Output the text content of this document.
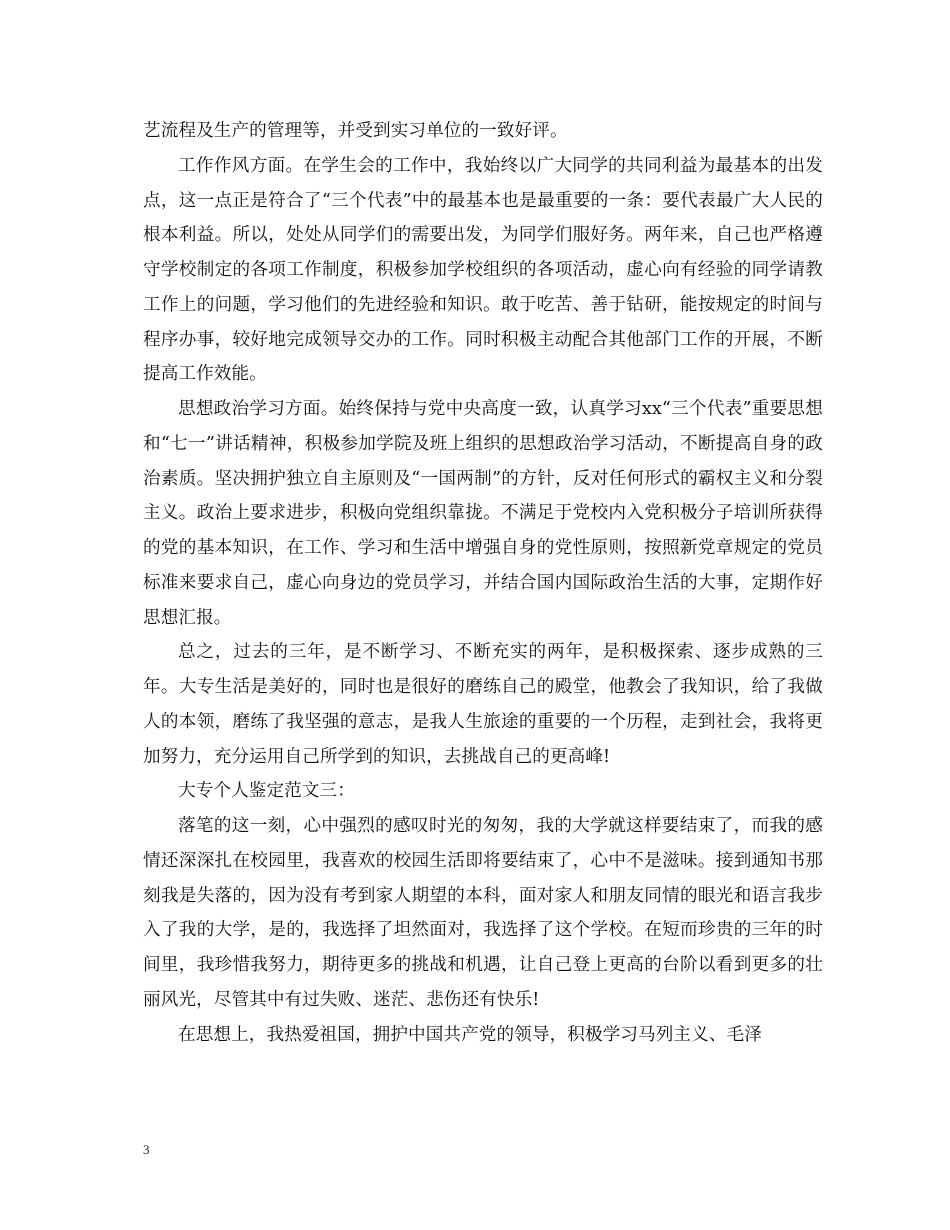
艺流程及生产的管理等，并受到实习单位的一致好评。

工作作风方面。在学生会的工作中，我始终以广大同学的共同利益为最基本的出发点，这一点正是符合了“三个代表”中的最基本也是最重要的一条：要代表最广大人民的根本利益。所以，处处从同学们的需要出发，为同学们服好务。两年来，自己也严格遵守学校制定的各项工作制度，积极参加学校组织的各项活动，虚心向有经验的同学请教工作上的问题，学习他们的先进经验和知识。敢于吃苦、善于钻研，能按规定的时间与程序办事，较好地完成领导交办的工作。同时积极主动配合其他部门工作的开展，不断提高工作效能。

思想政治学习方面。始终保持与党中央高度一致，认真学习xx“三个代表”重要思想和“七一”讲话精神，积极参加学院及班上组织的思想政治学习活动，不断提高自身的政治素质。坚决拥护独立自主原则及“一国两制”的方针，反对任何形式的霸权主义和分裂主义。政治上要求进步，积极向党组织靠拢。不满足于党校内入党积极分子培训所获得的党的基本知识，在工作、学习和生活中增强自身的党性原则，按照新党章规定的党员标准来要求自己，虚心向身边的党员学习，并结合国内国际政治生活的大事，定期作好思想汇报。

总之，过去的三年，是不断学习、不断充实的两年，是积极探索、逐步成熟的三年。大专生活是美好的，同时也是很好的磨练自己的殿堂，他教会了我知识，给了我做人的本领，磨练了我坚强的意志，是我人生旅途的重要的一个历程，走到社会，我将更加努力，充分运用自己所学到的知识，去挑战自己的更高峰!

大专个人鉴定范文三：

落笔的这一刻，心中强烈的感叹时光的匆匆，我的大学就这样要结束了，而我的感情还深深扎在校园里，我喜欢的校园生活即将要结束了，心中不是滋味。接到通知书那刻我是失落的，因为没有考到家人期望的本科，面对家人和朋友同情的眼光和语言我步入了我的大学，是的，我选择了坦然面对，我选择了这个学校。在短而珍贵的三年的时间里，我珍惜我努力，期待更多的挑战和机遇，让自己登上更高的台阶以看到更多的壮丽风光，尽管其中有过失败、迷茫、悲伤还有快乐!

在思想上，我热爱祖国，拥护中国共产党的领导，积极学习马列主义、毛泽

3
